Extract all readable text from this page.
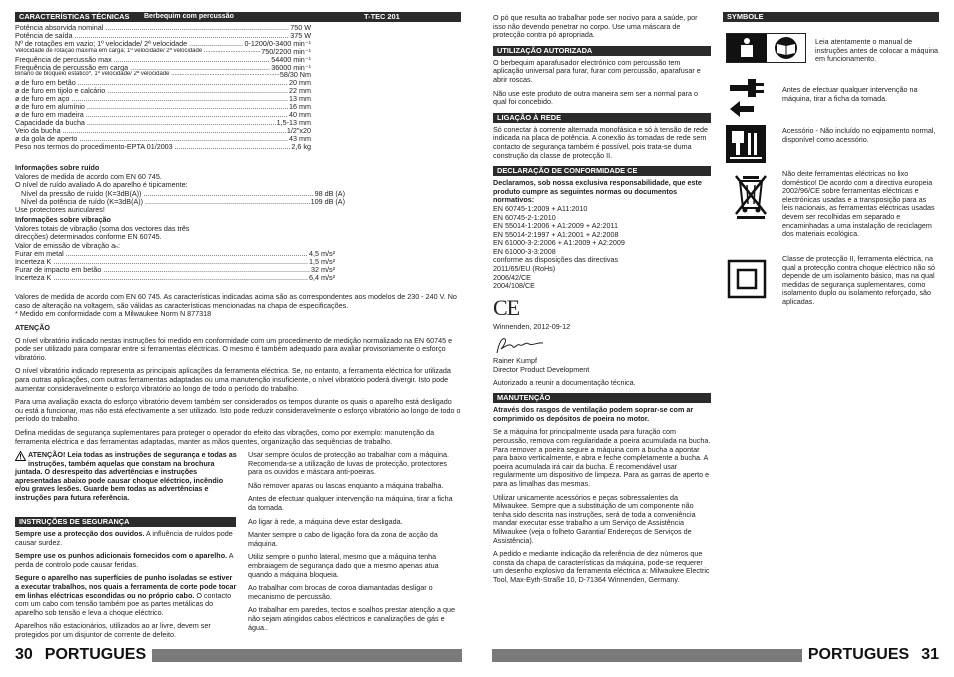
CARACTERÍSTICAS TÉCNICAS	Berbequim com percussão	T-TEC 201
Potência absorvida nominal .....	750 W
Potência de saída .....	375 W
Nº de rotações em vazio; 1º velocidade/ 2ª velocidade .....	0-1200/0-3400 min⁻¹
Velocidade de rotação máxima em carga; 1º velocidade/ 2ª velocidade .....	750/2200 min⁻¹
Frequência de percussão max .....	54400 min⁻¹
Frequência de percussão em carga .....	36000 min⁻¹
Binário de bloqueio estático*, 1º velocidade/ 2ª velocidade .....	58/30 Nm
ø de furo em betão .....	20 mm
ø de furo em tijolo e calcário .....	22 mm
ø de furo em aço .....	13 mm
ø de furo em alumínio .....	16 mm
ø de furo em madeira .....	40 mm
Capacidade da bucha .....	1,5-13 mm
Veio da bucha .....	1/2"x20
ø da gola de aperto .....	43 mm
Peso nos termos do procedimento-EPTA 01/2003 .....	2,6 kg
Informações sobre ruído
Valores de medida de acordo com EN 60 745.
O nível de ruído avaliado A do aparelho é tipicamente:
Nível da pressão de ruído (K=3dB(A)) .....	98 dB (A)
Nível da potência de ruído (K=3dB(A)) .....	109 dB (A)
Use protectores auriculares!
Informações sobre vibração
Valores totais de vibração (soma dos vectores das três
direcções) determinados conforme EN 60745.
Valor de emissão de vibração aₕ:
Furar em metal .....	4,5 m/s²
Incerteza K .....	1,5 m/s²
Furar de impacto em betão .....	32 m/s²
Incerteza K .....	6,4 m/s²
Valores de medida de acordo com EN 60 745. As características indicadas acima são as correspondentes aos modelos de 230 - 240 V. No caso de alteração na voltagem, são válidas as características mencionadas na chapa de especificações.
* Medido em conformidade com a Milwaukee Norm N 877318

ATENÇÃO

O nível vibratório indicado nestas instruções foi medido em conformidade com um procedimento de medição normalizado na EN 60745 e pode ser utilizado para comparar entre si ferramentas eléctricas. O mesmo é também adequado para avaliar provisoriamente o esforço vibratório.

O nível vibratório indicado representa as principais aplicações da ferramenta eléctrica. Se, no entanto, a ferramenta eléctrica for utilizada para outras aplicações, com outras ferramentas adaptadas ou uma manutenção insuficiente, o nível vibratório poderá divergir. Isto pode aumentar consideravelmente o esforço vibratório ao longo de todo o período do trabalho.

Para uma avaliação exacta do esforço vibratório devem também ser considerados os tempos durante os quais o aparelho está desligado ou está a funcionar, mas não está efectivamente a ser utilizado. Isto pode reduzir consideravelmente o esforço vibratório ao longo de todo o período do trabalho.

Defina medidas de segurança suplementares para proteger o operador do efeito das vibrações, como por exemplo: manutenção da ferramenta eléctrica e das ferramentas adaptadas, manter as mãos quentes, organização das sequências de trabalho.

ATENÇÃO! Leia todas as instruções de segurança e todas as instruções, também aquelas que constam na brochura juntada. O desrespeito das advertências e instruções apresentadas abaixo pode causar choque eléctrico, incêndio e/ou graves lesões. Guarde bem todas as advertências e instruções para futura referência.
INSTRUÇÕES DE SEGURANÇA

Sempre use a protecção dos ouvidos. A influência de ruídos pode causar surdez.

Sempre use os punhos adicionais fornecidos com o aparelho. A perda de controlo pode causar feridas.

Segure o aparelho nas superfícies de punho isoladas se estiver a executar trabalhos, nos quais a ferramenta de corte pode tocar em linhas eléctricas escondidas ou no próprio cabo. O contacto com um cabo com tensão também poe as partes metálicas do aparelho sob tensão e leva a choque eléctrico.

Aparelhos não estacionários, utilizados ao ar livre, devem ser protegidos por um disjuntor de corrente de defeito.

Usar sempre óculos de protecção ao trabalhar com a máquina. Recomenda-se a utilização de luvas de protecção, protectores para os ouvidos e máscara anti-poeiras.

Não remover aparas ou lascas enquanto a máquina trabalha.

Antes de efectuar qualquer intervenção na máquina, tirar a ficha da tomada.

Ao ligar à rede, a máquina deve estar desligada.

Manter sempre o cabo de ligação fora da zona de acção da máquina.

Utiliz sempre o punho lateral, mesmo que a máquina tenha embraiagem de segurança dado que a mesmo apenas atua quando a máquina bloqueia.

Ao trabalhar com brocas de coroa diamantadas desligar o mecanismo de percussão.

Ao trabalhar em paredes, tectos e soalhos prestar atenção a que não sejam atingidos cabos eléctricos e canalizações de gás e água..

30 PORTUGUES

O pó que resulta ao trabalhar pode ser nocivo para a saúde, por isso não devendo penetrar no corpo. Use uma máscara de protecção contra pó apropriada.

UTILIZAÇÃO AUTORIZADA

O berbequim aparafusador electrónico com percussão tem aplicação universal para furar, furar com percussão, aparafusar e abrir roscas.

Não use este produto de outra maneira sem ser a normal para o qual foi concebido.

LIGAÇÃO À REDE

Só conectar à corrente alternada monofásica e só à tensão de rede indicada na placa de potência. A conexão às tomadas de rede sem contacto de segurança também é possível, pois trata-se duma construção da classe de protecção II.

DECLARAÇÃO DE CONFORMIDADE CE
Declaramos, sob nossa exclusiva responsabilidade, que este produto cumpre as seguintes normas ou documentos normativos:
EN 60745-1:2009 + A11:2010
EN 60745-2-1:2010
EN 55014-1:2006 + A1:2009 + A2:2011
EN 55014-2:1997 + A1:2001 + A2:2008
EN 61000-3-2:2006 + A1:2009 + A2:2009
EN 61000-3-3:2008
conforme as disposições das directivas
2011/65/EU (RoHs)
2006/42/CE
2004/108/CE
CE
Winnenden, 2012-09-12
Rainer Kumpf
Director Product Development
Autorizado a reunir a documentação técnica.
MANUTENÇÃO

Através dos rasgos de ventilação podem soprar-se com ar comprimido os depósitos de poeira no motor.

Se a máquina for principalmente usada para furação com percussão, remova com regularidade a poeira acumulada na bucha. Para remover a poeira segure a máquina com a bucha a apontar para baixo verticalmente, e abra e feche completamente a bucha. A poeira acumulada irá cair da bucha. É recomendável usar regularmente um dispositivo de limpeza. Para as garras de aperto e para as limalhas das mesmas.

Utilizar unicamente acessórios e peças sobressalentes da Milwaukee. Sempre que a substituição de um componente não tenha sido descrita nas instruções, será de toda a conveniência mandar executar esse trabalho a um Serviço de Assistência Milwaukee (veja o folheto Garantia/ Endereços de Serviços de Assistência).

A pedido e mediante indicação da referência de dez números que consta da chapa de características da máquina, pode-se requerer um desenho explosivo da ferramenta eléctrica a: Milwaukee Electric Tool, Max-Eyth-Straße 10, D-71364 Winnenden, Germany.

SYMBOLE
Leia atentamente o manual de instruções antes de colocar a máquina em funcionamento.
Antes de efectuar qualquer intervenção na máquina, tirar a ficha da tomada.
Acessório - Não incluído no eqipamento normal, disponível como acessório.
Não deite ferramentas eléctricas no lixo doméstico! De acordo com a directiva europeia 2002/96/CE sobre ferramentas eléctricas e electrónicas usadas e a transposição para as leis nacionais, as ferramentas eléctricas usadas devem ser recolhidas em separado e encaminhadas a uma instalação de reciclagem dos materiais ecológica.
Classe de protecção II, ferramenta eléctrica, na qual a protecção contra choque eléctrico não só depende de um isolamento básico, mas na qual medidas de segurança suplementares, como isolamento duplo ou isolamento reforçado, são aplicadas.
PORTUGUES 31
